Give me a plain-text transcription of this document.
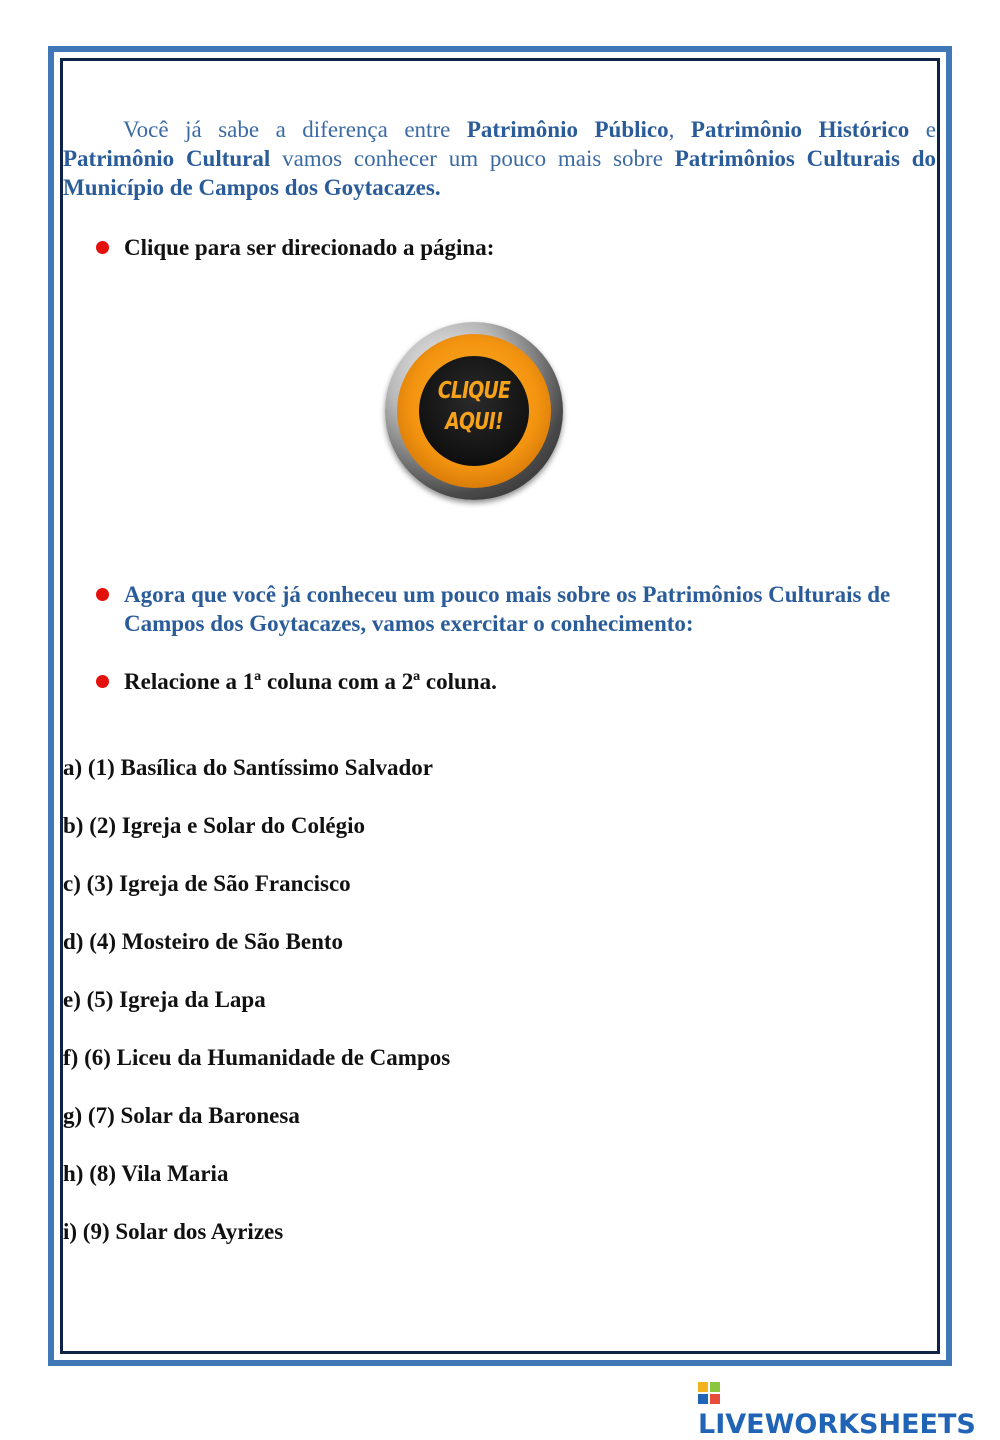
Você já sabe a diferença entre Patrimônio Público, Patrimônio Histórico e Patrimônio Cultural vamos conhecer um pouco mais sobre Patrimônios Culturais do Município de Campos dos Goytacazes.

Clique para ser direcionado a página:
CLIQUE
AQUI!
Agora que você já conheceu um pouco mais sobre os Patrimônios Culturais de Campos dos Goytacazes, vamos exercitar o conhecimento:
Relacione a 1ª coluna com a 2ª coluna.
a) (1) Basílica do Santíssimo Salvador
b) (2) Igreja e Solar do Colégio
c) (3) Igreja de São Francisco
d) (4) Mosteiro de São Bento
e) (5) Igreja da Lapa
f) (6) Liceu da Humanidade de Campos
g) (7) Solar da Baronesa
h) (8) Vila Maria
i) (9) Solar dos Ayrizes
LIVEWORKSHEETS
